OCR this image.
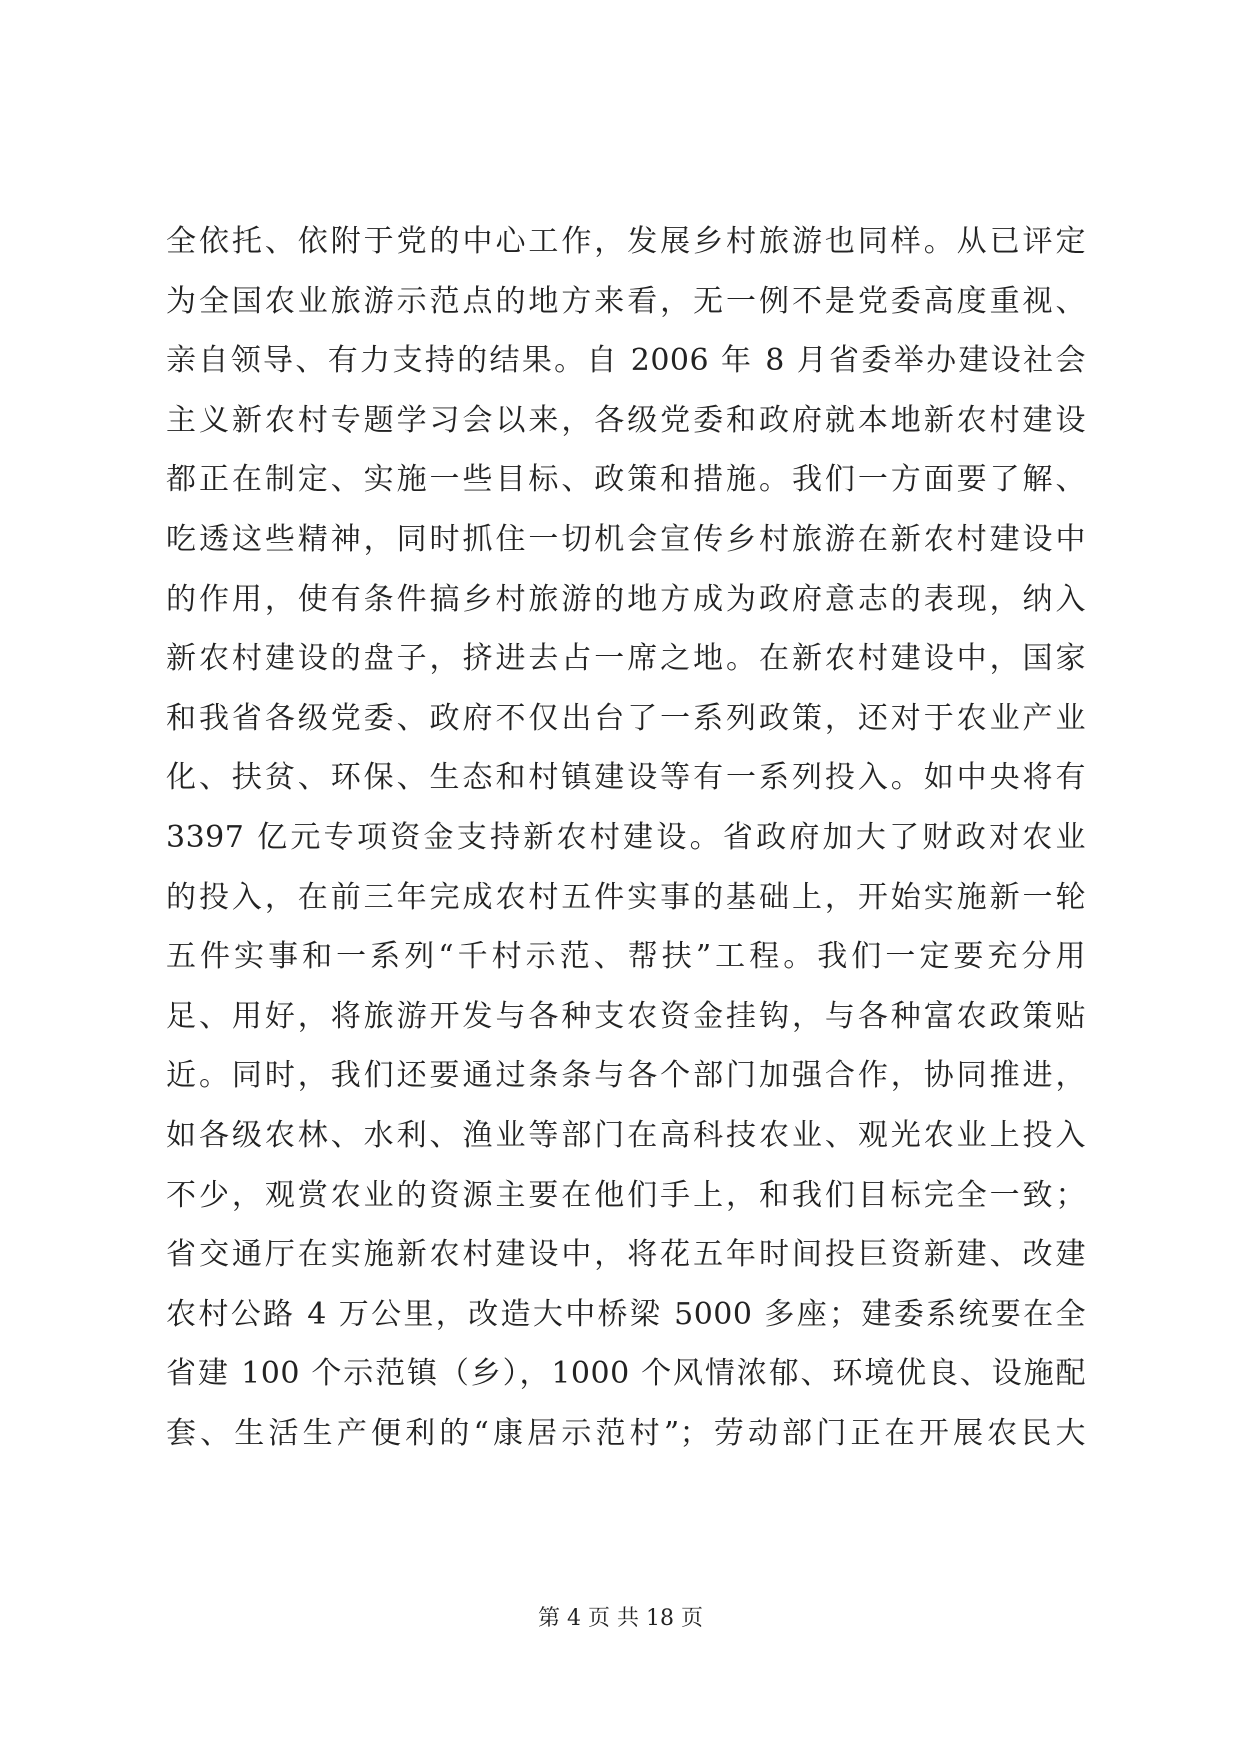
全依托、依附于党的中心工作，发展乡村旅游也同样。从已评定
为全国农业旅游示范点的地方来看，无一例不是党委高度重视、
亲自领导、有力支持的结果。自 2006 年 8 月省委举办建设社会
主义新农村专题学习会以来，各级党委和政府就本地新农村建设
都正在制定、实施一些目标、政策和措施。我们一方面要了解、
吃透这些精神，同时抓住一切机会宣传乡村旅游在新农村建设中
的作用，使有条件搞乡村旅游的地方成为政府意志的表现，纳入
新农村建设的盘子，挤进去占一席之地。在新农村建设中，国家
和我省各级党委、政府不仅出台了一系列政策，还对于农业产业
化、扶贫、环保、生态和村镇建设等有一系列投入。如中央将有
3397 亿元专项资金支持新农村建设。省政府加大了财政对农业
的投入，在前三年完成农村五件实事的基础上，开始实施新一轮
五件实事和一系列“千村示范、帮扶”工程。我们一定要充分用
足、用好，将旅游开发与各种支农资金挂钩，与各种富农政策贴
近。同时，我们还要通过条条与各个部门加强合作，协同推进，
如各级农林、水利、渔业等部门在高科技农业、观光农业上投入
不少，观赏农业的资源主要在他们手上，和我们目标完全一致；
省交通厅在实施新农村建设中，将花五年时间投巨资新建、改建
农村公路 4 万公里，改造大中桥梁 5000 多座；建委系统要在全
省建 100 个示范镇（乡），1000 个风情浓郁、环境优良、设施配
套、生活生产便利的“康居示范村”；劳动部门正在开展农民大
第 4 页 共 18 页
